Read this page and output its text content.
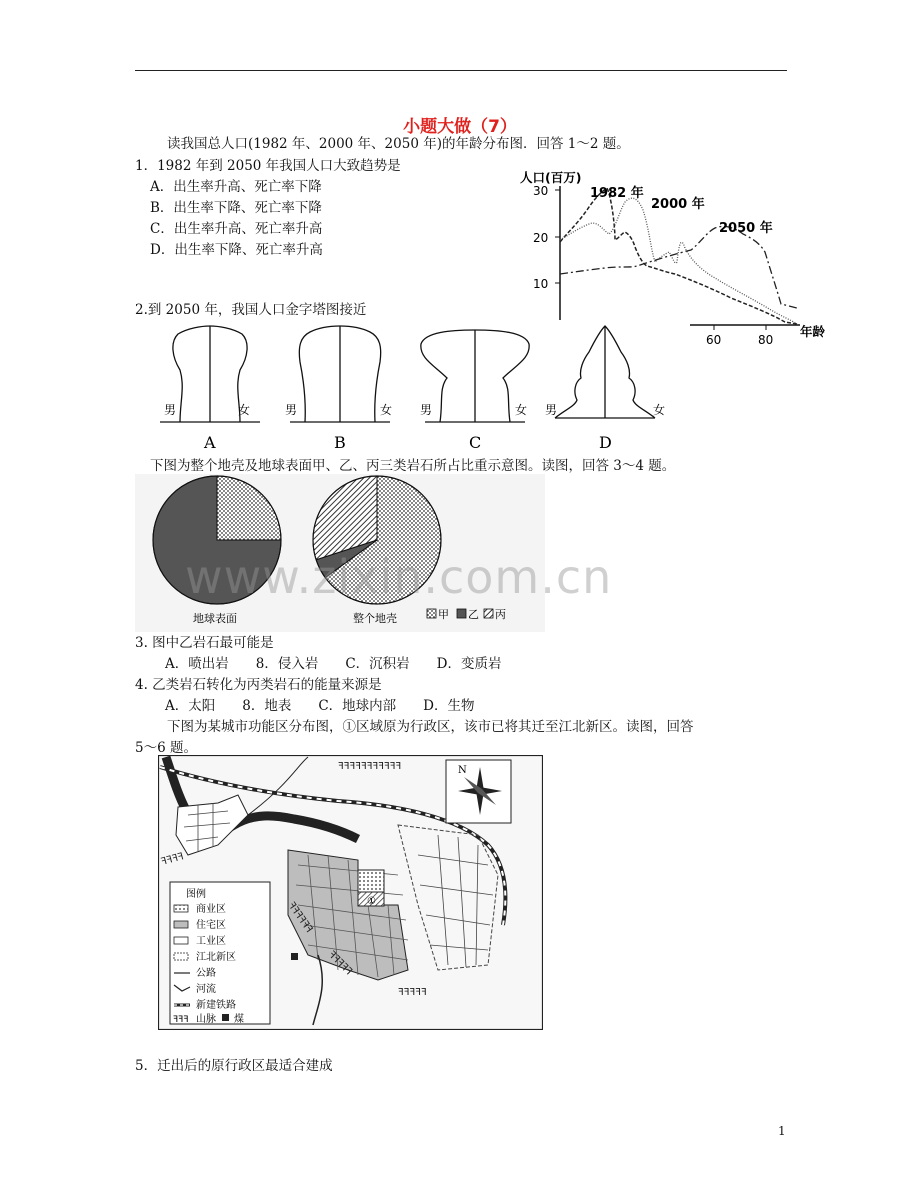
小题大做（7）
读我国总人口(1982 年、2000 年、2050 年)的年龄分布图．回答 1～2 题。
1．1982 年到 2050 年我国人口大致趋势是
A．出生率升高、死亡率下降
B．出生率下降、死亡率下降
C．出生率升高、死亡率升高
D．出生率下降、死亡率升高
人口(百万)
30
20
10
60	80
年龄
1982 年
2000 年
2050 年
2.到 2050 年，我国人口金字塔图接近
男	女
A
男	女
B
男	女
C
男	女
D
下图为整个地壳及地球表面甲、乙、丙三类岩石所占比重示意图。读图，回答 3～4 题。
地球表面	整个地壳	甲 乙 丙
www.zixin.com.cn
3. 图中乙岩石最可能是
A．喷出岩　　8．侵入岩　　C．沉积岩　　D．变质岩
4. 乙类岩石转化为丙类岩石的能量来源是
A．太阳　　8．地表　　C．地球内部　　D．生物
下图为某城市功能区分布图，①区域原为行政区，该市已将其迁至江北新区。读图，回答
5～6 题。
①
ꟻꟻꟻꟻꟻꟻꟻꟻꟻꟻꟻ
ꟻꟻꟻꟻ
ꟻꟻꟻꟻꟻꟻ
ꟻꟻꟻꟻꟻ
ꟻꟻꟻꟻꟻ
N
图例
商业区
住宅区
工业区
江北新区
公路
河流
新建铁路
ꟻꟻꟻ 山脉 煤
5．迁出后的原行政区最适合建成
1
